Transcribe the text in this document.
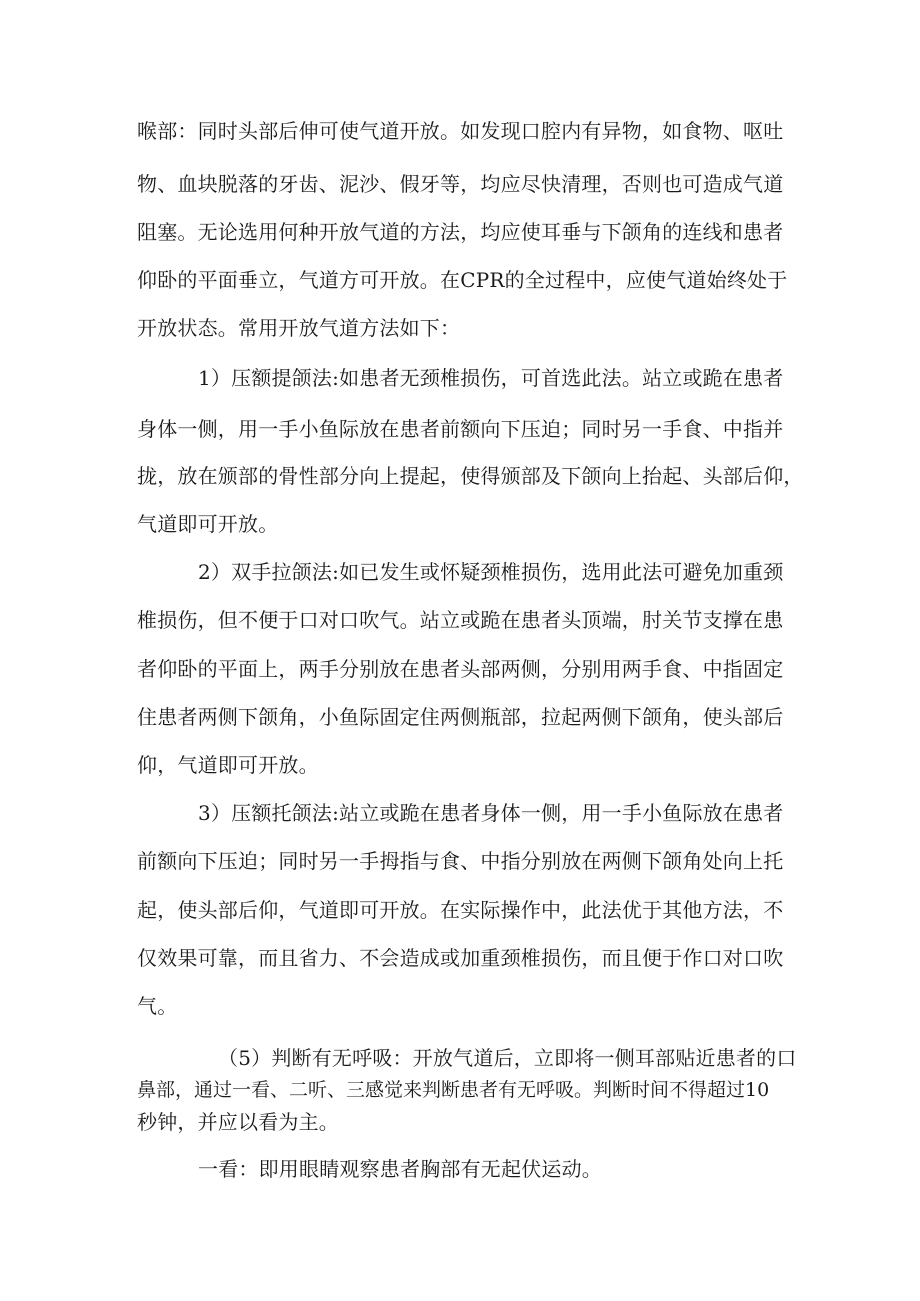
喉部：同时头部后伸可使气道开放。如发现口腔内有异物，如食物、呕吐
物、血块脱落的牙齿、泥沙、假牙等，均应尽快清理，否则也可造成气道
阻塞。无论选用何种开放气道的方法，均应使耳垂与下颌角的连线和患者
仰卧的平面垂立，气道方可开放。在CPR的全过程中，应使气道始终处于
开放状态。常用开放气道方法如下：
1）压额提颌法:如患者无颈椎损伤，可首选此法。站立或跪在患者
身体一侧，用一手小鱼际放在患者前额向下压迫；同时另一手食、中指并
拢，放在颁部的骨性部分向上提起，使得颁部及下颌向上抬起、头部后仰，
气道即可开放。
2）双手拉颌法:如已发生或怀疑颈椎损伤，选用此法可避免加重颈
椎损伤，但不便于口对口吹气。站立或跪在患者头顶端，肘关节支撑在患
者仰卧的平面上，两手分别放在患者头部两侧，分别用两手食、中指固定
住患者两侧下颌角，小鱼际固定住两侧瓶部，拉起两侧下颌角，使头部后
仰，气道即可开放。
3）压额托颌法:站立或跪在患者身体一侧，用一手小鱼际放在患者
前额向下压迫；同时另一手拇指与食、中指分别放在两侧下颌角处向上托
起，使头部后仰，气道即可开放。在实际操作中，此法优于其他方法，不
仅效果可靠，而且省力、不会造成或加重颈椎损伤，而且便于作口对口吹
气。
（5）判断有无呼吸：开放气道后，立即将一侧耳部贴近患者的口
鼻部，通过一看、二听、三感觉来判断患者有无呼吸。判断时间不得超过10
秒钟，并应以看为主。
一看：即用眼睛观察患者胸部有无起伏运动。
